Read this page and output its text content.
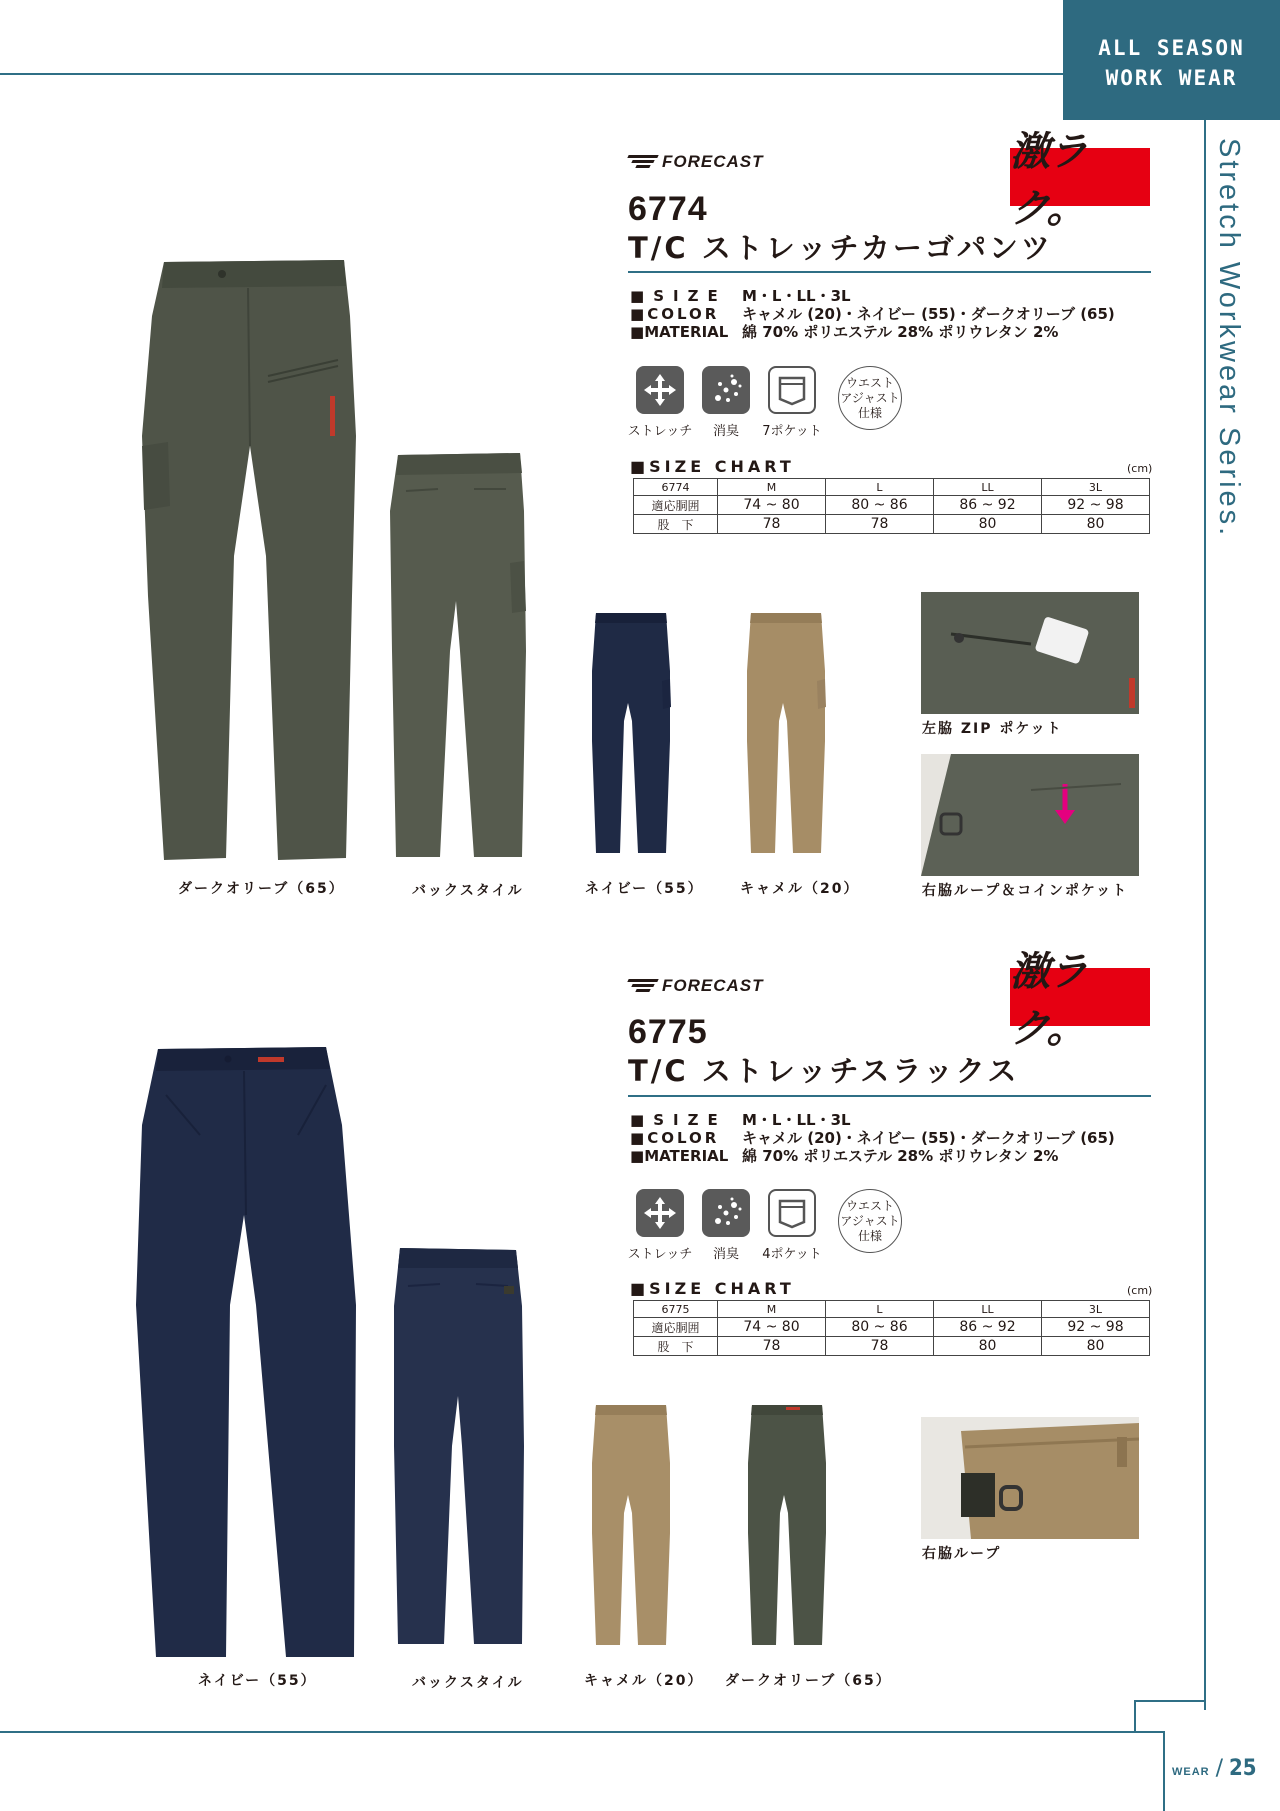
ALL SEASON
WORK WEAR
Stretch Workwear Series.
WEAR / 25
FORECAST	激ラク。
6774
T/C ストレッチカーゴパンツ
■SIZE	M・L・LL・3L
■COLOR	キャメル (20)・ネイビー (55)・ダークオリーブ (65)
■MATERIAL 綿 70% ポリエステル 28% ポリウレタン 2%
ストレッチ 消臭 7ポケット
ウエスト
アジャスト
仕様
■SIZE CHART	(cm)
6774	M	L	LL	3L
適応胴囲	74 ~ 80	80 ~ 86	86 ~ 92	92 ~ 98
股　下	78	78	80	80
ダークオリーブ（65）	バックスタイル	ネイビー（55）	キャメル（20）
左脇 ZIP ポケット
右脇ループ＆コインポケット
FORECAST	激ラク。
6775
T/C ストレッチスラックス
■SIZE	M・L・LL・3L
■COLOR	キャメル (20)・ネイビー (55)・ダークオリーブ (65)
■MATERIAL 綿 70% ポリエステル 28% ポリウレタン 2%
ストレッチ 消臭 4ポケット
ウエスト
アジャスト
仕様
■SIZE CHART	(cm)
6775	M	L	LL	3L
適応胴囲	74 ~ 80	80 ~ 86	86 ~ 92	92 ~ 98
股　下	78	78	80	80
ネイビー（55）	バックスタイル	キャメル（20） ダークオリーブ（65）
右脇ループ
